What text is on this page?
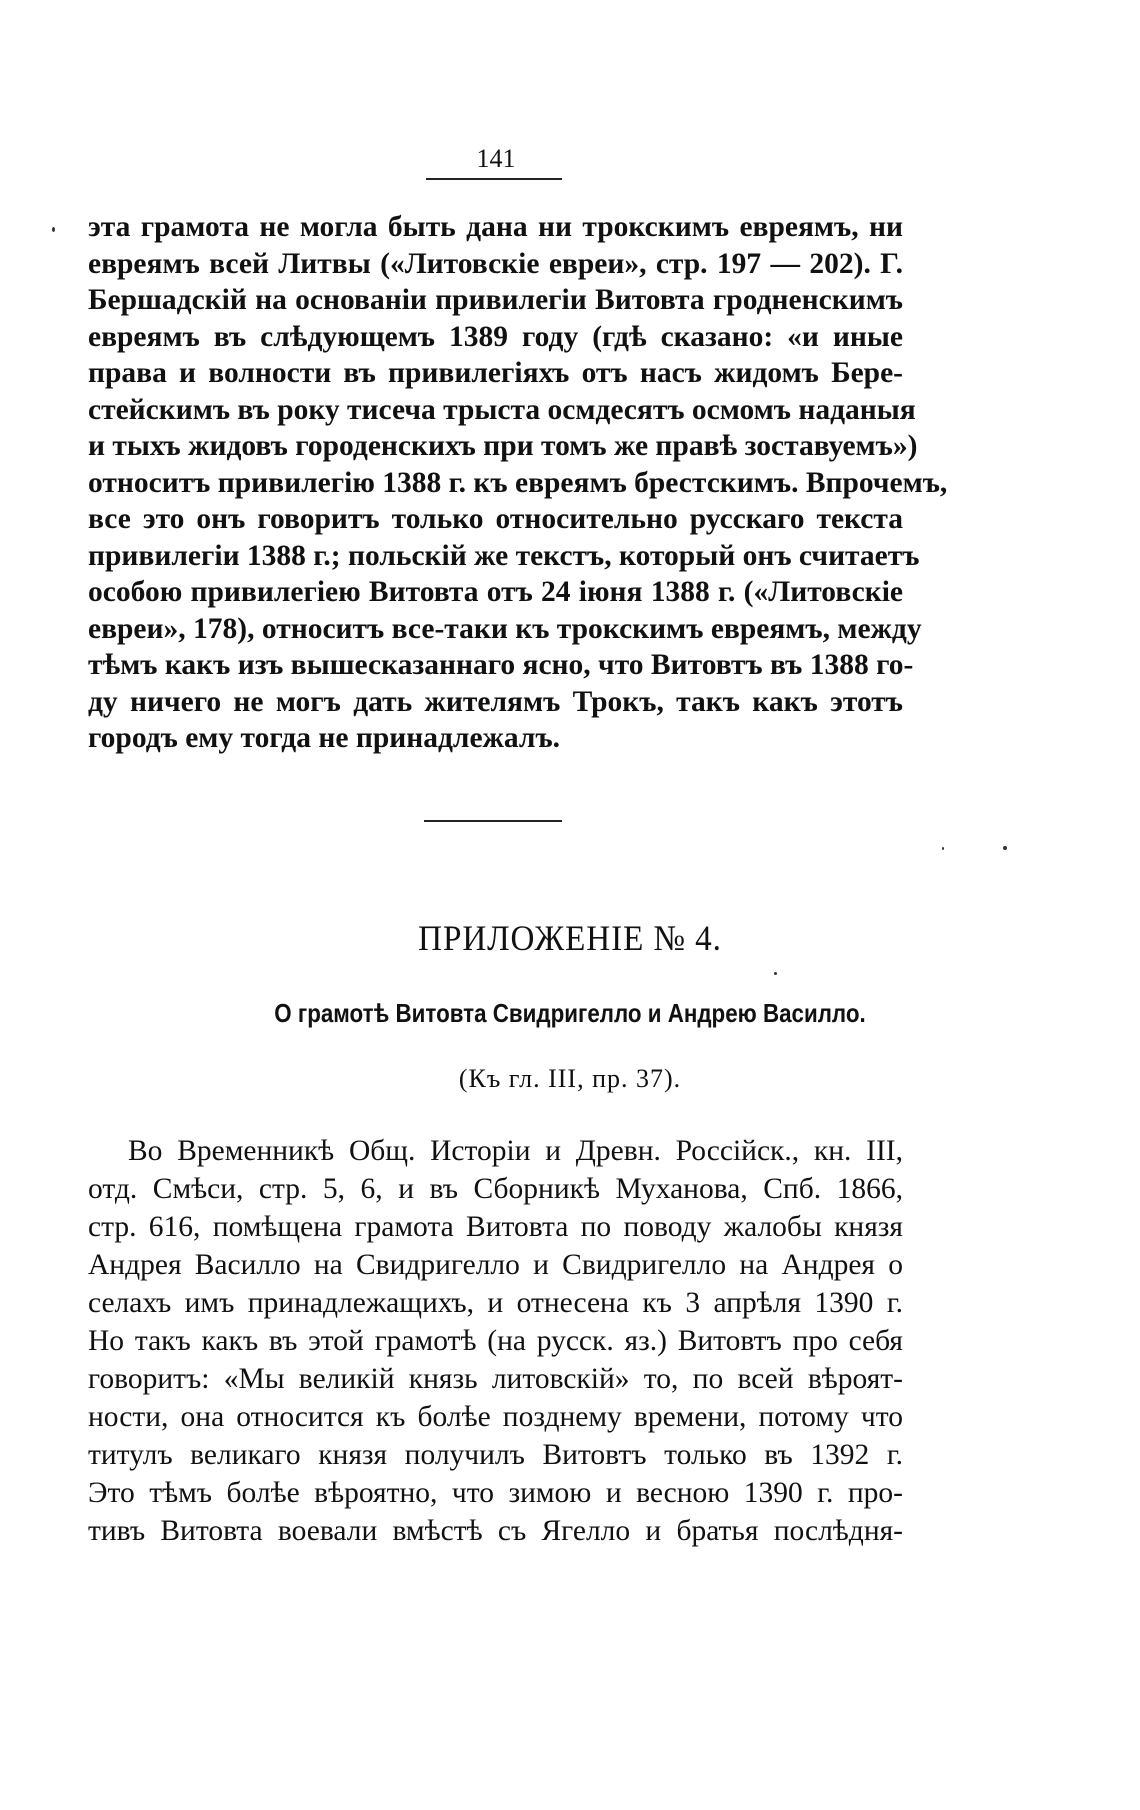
141
эта грамота не могла быть дана ни трокскимъ евреямъ, ни
евреямъ всей Литвы («Литовскіе евреи», стр. 197 — 202). Г.
Бершадскій на основаніи привилегіи Витовта гродненскимъ
евреямъ въ слѣдующемъ 1389 году (гдѣ сказано: «и иные
права и волности въ привилегіяхъ отъ насъ жидомъ Бере-
стейскимъ въ року тисеча трыста осмдесятъ осмомъ наданыя
и тыхъ жидовъ городенскихъ при томъ же правѣ зоставуемъ»)
относитъ привилегію 1388 г. къ евреямъ брестскимъ. Впрочемъ,
все это онъ говоритъ только относительно русскаго текста
привилегіи 1388 г.; польскій же текстъ, который онъ считаетъ
особою привилегіею Витовта отъ 24 іюня 1388 г. («Литовскіе
евреи», 178), относитъ все-таки къ трокскимъ евреямъ, между
тѣмъ какъ изъ вышесказаннаго ясно, что Витовтъ въ 1388 го-
ду ничего не могъ дать жителямъ Трокъ, такъ какъ этотъ
городъ ему тогда не принадлежалъ.
ПРИЛОЖЕНІЕ № 4.
О грамотѣ Витовта Свидригелло и Андрею Василло.
(Къ гл. III, пр. 37).
Во Временникѣ Общ. Исторіи и Древн. Россійск., кн. III,
отд. Смѣси, стр. 5, 6, и въ Сборникѣ Муханова, Спб. 1866,
стр. 616, помѣщена грамота Витовта по поводу жалобы князя
Андрея Василло на Свидригелло и Свидригелло на Андрея о
селахъ имъ принадлежащихъ, и отнесена къ 3 апрѣля 1390 г.
Но такъ какъ въ этой грамотѣ (на русск. яз.) Витовтъ про себя
говоритъ: «Мы великій князь литовскій» то, по всей вѣроят-
ности, она относится къ болѣе позднему времени, потому что
титулъ великаго князя получилъ Витовтъ только въ 1392 г.
Это тѣмъ болѣе вѣроятно, что зимою и весною 1390 г. про-
тивъ Витовта воевали вмѣстѣ съ Ягелло и братья послѣдня-
